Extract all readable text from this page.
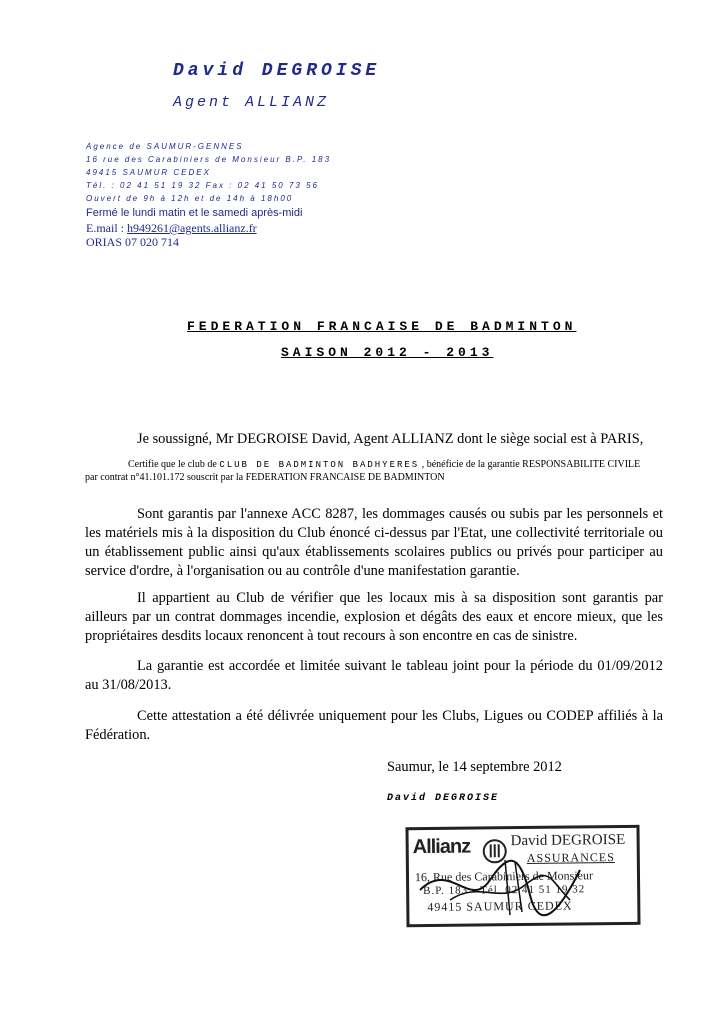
David DEGROISE
Agent ALLIANZ
Agence de SAUMUR-GENNES
16 rue des Carabiniers de Monsieur B.P. 183
49415 SAUMUR CEDEX
Tél. : 02 41 51 19 32 Fax : 02 41 50 73 56
Ouvert de 9h à 12h et de 14h à 18h00
Fermé le lundi matin et le samedi après-midi
E.mail : h949261@agents.allianz.fr
ORIAS 07 020 714
FEDERATION FRANCAISE DE BADMINTON
SAISON 2012 - 2013
Je soussigné, Mr DEGROISE David, Agent ALLIANZ dont le siège social est à PARIS,
Certifie que le club de CLUB DE BADMINTON BADHYERES , bénéficie de la garantie RESPONSABILITE CIVILE
par contrat n°41.101.172 souscrit par la FEDERATION FRANCAISE DE BADMINTON
Sont garantis par l'annexe ACC 8287, les dommages causés ou subis par les personnels et les matériels mis à la disposition du Club énoncé ci-dessus par l'Etat, une collectivité territoriale ou un établissement public ainsi qu'aux établissements scolaires publics ou privés pour participer au service d'ordre, à l'organisation ou au contrôle d'une manifestation garantie.
Il appartient au Club de vérifier que les locaux mis à sa disposition sont garantis par ailleurs par un contrat dommages incendie, explosion et dégâts des eaux et encore mieux, que les propriétaires desdits locaux renoncent à tout recours à son encontre en cas de sinistre.
La garantie est accordée et limitée suivant le tableau joint pour la période du 01/09/2012 au 31/08/2013.
Cette attestation a été délivrée uniquement pour les Clubs, Ligues ou CODEP affiliés à la Fédération.
Saumur, le 14 septembre 2012
David DEGROISE
Allianz	David DEGROISE
ASSURANCES
16, Rue des Carabiniers de Monsieur
B.P. 183 - Tél. 02 41 51 19 32
49415 SAUMUR CEDEX
